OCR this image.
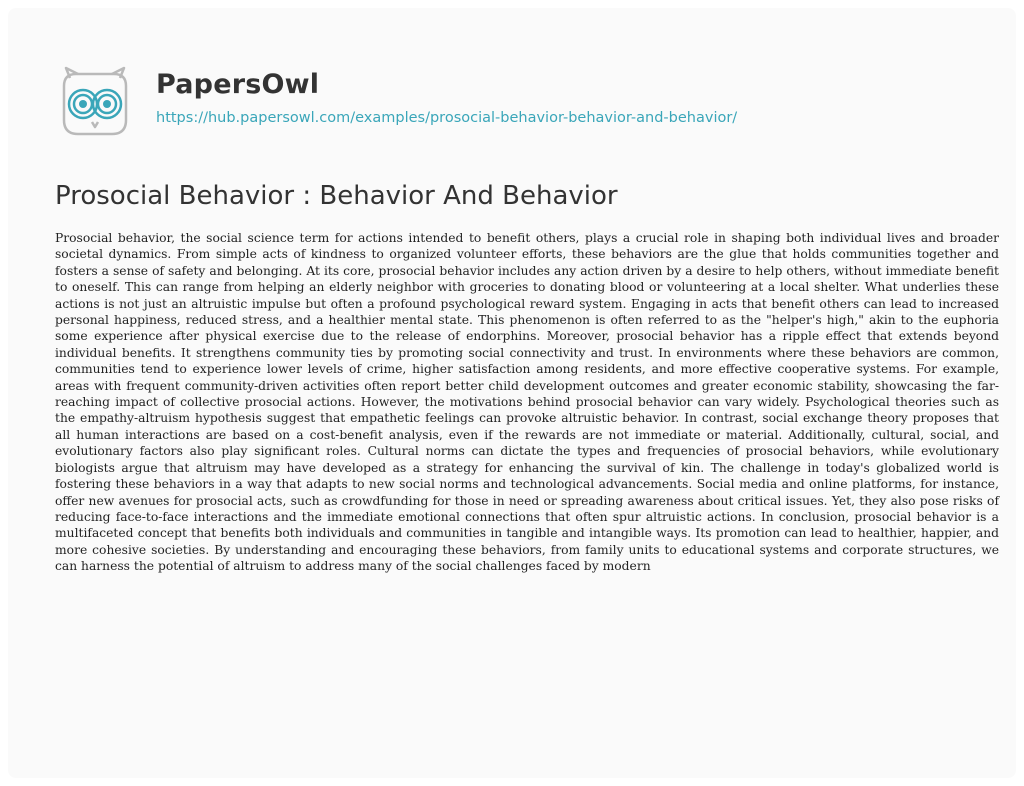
PapersOwl
https://hub.papersowl.com/examples/prosocial-behavior-behavior-and-behavior/
Prosocial Behavior : Behavior And Behavior

Prosocial behavior, the social science term for actions intended to benefit others, plays a crucial role in shaping both individual lives and broader societal dynamics. From simple acts of kindness to organized volunteer efforts, these behaviors are the glue that holds communities together and fosters a sense of safety and belonging. At its core, prosocial behavior includes any action driven by a desire to help others, without immediate benefit to oneself. This can range from helping an elderly neighbor with groceries to donating blood or volunteering at a local shelter. What underlies these actions is not just an altruistic impulse but often a profound psychological reward system. Engaging in acts that benefit others can lead to increased personal happiness, reduced stress, and a healthier mental state. This phenomenon is often referred to as the "helper's high," akin to the euphoria some experience after physical exercise due to the release of endorphins. Moreover, prosocial behavior has a ripple effect that extends beyond individual benefits. It strengthens community ties by promoting social connectivity and trust. In environments where these behaviors are common, communities tend to experience lower levels of crime, higher satisfaction among residents, and more effective cooperative systems. For example, areas with frequent community-driven activities often report better child development outcomes and greater economic stability, showcasing the far-reaching impact of collective prosocial actions. However, the motivations behind prosocial behavior can vary widely. Psychological theories such as the empathy-altruism hypothesis suggest that empathetic feelings can provoke altruistic behavior. In contrast, social exchange theory proposes that all human interactions are based on a cost-benefit analysis, even if the rewards are not immediate or material. Additionally, cultural, social, and evolutionary factors also play significant roles. Cultural norms can dictate the types and frequencies of prosocial behaviors, while evolutionary biologists argue that altruism may have developed as a strategy for enhancing the survival of kin. The challenge in today's globalized world is fostering these behaviors in a way that adapts to new social norms and technological advancements. Social media and online platforms, for instance, offer new avenues for prosocial acts, such as crowdfunding for those in need or spreading awareness about critical issues. Yet, they also pose risks of reducing face-to-face interactions and the immediate emotional connections that often spur altruistic actions. In conclusion, prosocial behavior is a multifaceted concept that benefits both individuals and communities in tangible and intangible ways. Its promotion can lead to healthier, happier, and more cohesive societies. By understanding and encouraging these behaviors, from family units to educational systems and corporate structures, we can harness the potential of altruism to address many of the social challenges faced by modern
